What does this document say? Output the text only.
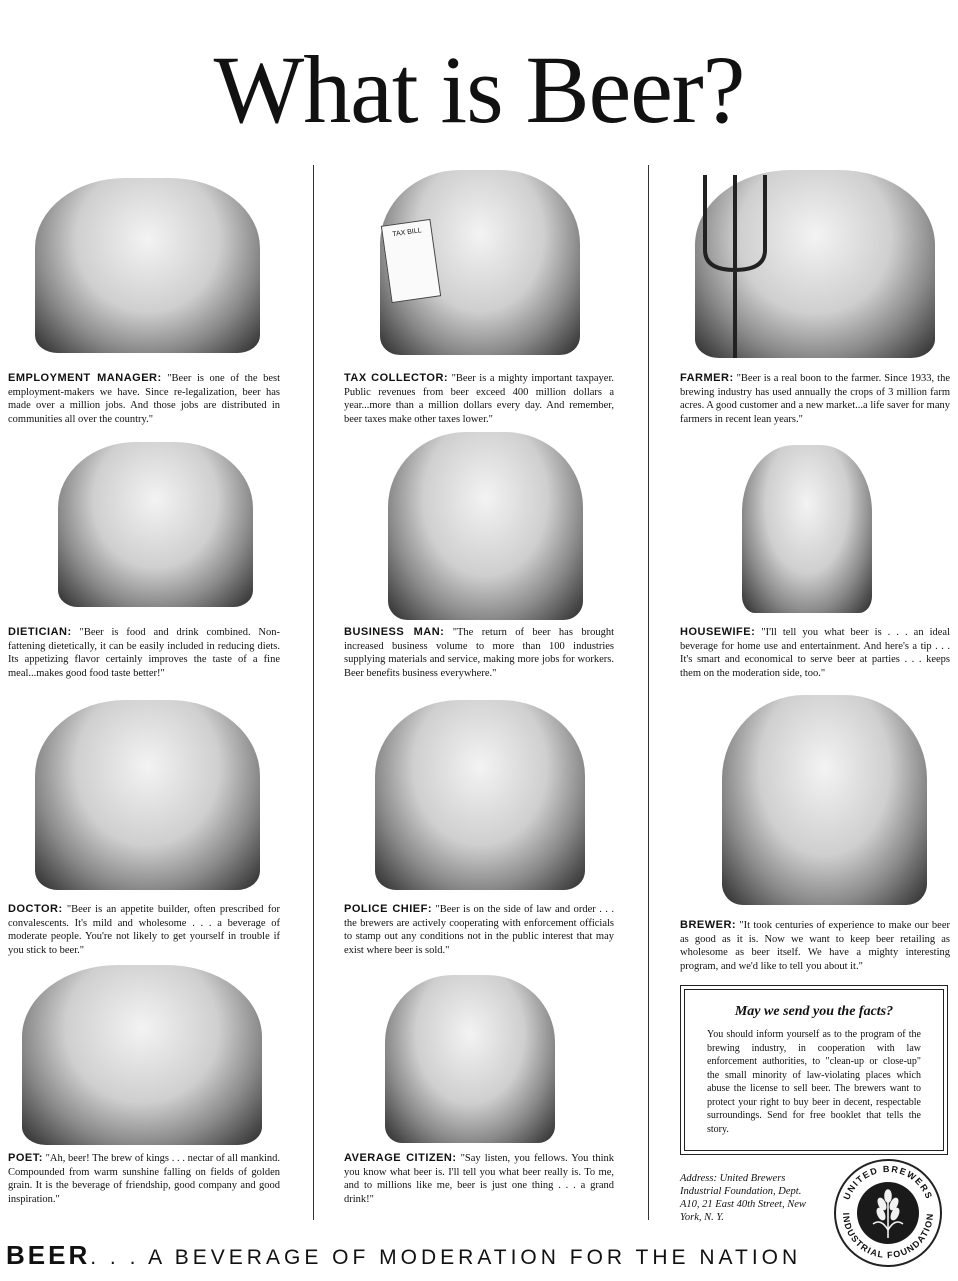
What is Beer?
EMPLOYMENT MANAGER: "Beer is one of the best employment-makers we have. Since re-legalization, beer has made over a million jobs. And those jobs are distributed in communities all over the country."
DIETICIAN: "Beer is food and drink combined. Non-fattening dietetically, it can be easily included in reducing diets. Its appetizing flavor certainly improves the taste of a fine meal...makes good food taste better!"
DOCTOR: "Beer is an appetite builder, often prescribed for convalescents. It's mild and wholesome . . . a beverage of moderate people. You're not likely to get yourself in trouble if you stick to beer."
POET: "Ah, beer! The brew of kings . . . nectar of all mankind. Compounded from warm sunshine falling on fields of golden grain. It is the beverage of friendship, good company and good inspiration."
TAX BILL
TAX COLLECTOR: "Beer is a mighty important taxpayer. Public revenues from beer exceed 400 million dollars a year...more than a million dollars every day. And remember, beer taxes make other taxes lower."
BUSINESS MAN: "The return of beer has brought increased business volume to more than 100 industries supplying materials and service, making more jobs for workers. Beer benefits business everywhere."
POLICE CHIEF: "Beer is on the side of law and order . . . the brewers are actively cooperating with enforcement officials to stamp out any conditions not in the public interest that may exist where beer is sold."
AVERAGE CITIZEN: "Say listen, you fellows. You think you know what beer is. I'll tell you what beer really is. To me, and to millions like me, beer is just one thing . . . a grand drink!"
FARMER: "Beer is a real boon to the farmer. Since 1933, the brewing industry has used annually the crops of 3 million farm acres. A good customer and a new market...a life saver for many farmers in recent lean years."
HOUSEWIFE: "I'll tell you what beer is . . . an ideal beverage for home use and entertainment. And here's a tip . . . It's smart and economical to serve beer at parties . . . keeps them on the moderation side, too."
BREWER: "It took centuries of experience to make our beer as good as it is. Now we want to keep beer retailing as wholesome as beer itself. We have a mighty interesting program, and we'd like to tell you about it."
May we send you the facts?
You should inform yourself as to the program of the brewing industry, in cooperation with law enforcement authorities, to "clean-up or close-up" the small minority of law-violating places which abuse the license to sell beer. The brewers want to protect your right to buy beer in decent, respectable surroundings. Send for free booklet that tells the story.
Address: United Brewers Industrial Foundation, Dept. A10, 21 East 40th Street, New York, N. Y.
UNITED BREWERS
INDUSTRIAL FOUNDATION
BEER. . . A BEVERAGE OF MODERATION FOR THE NATION
